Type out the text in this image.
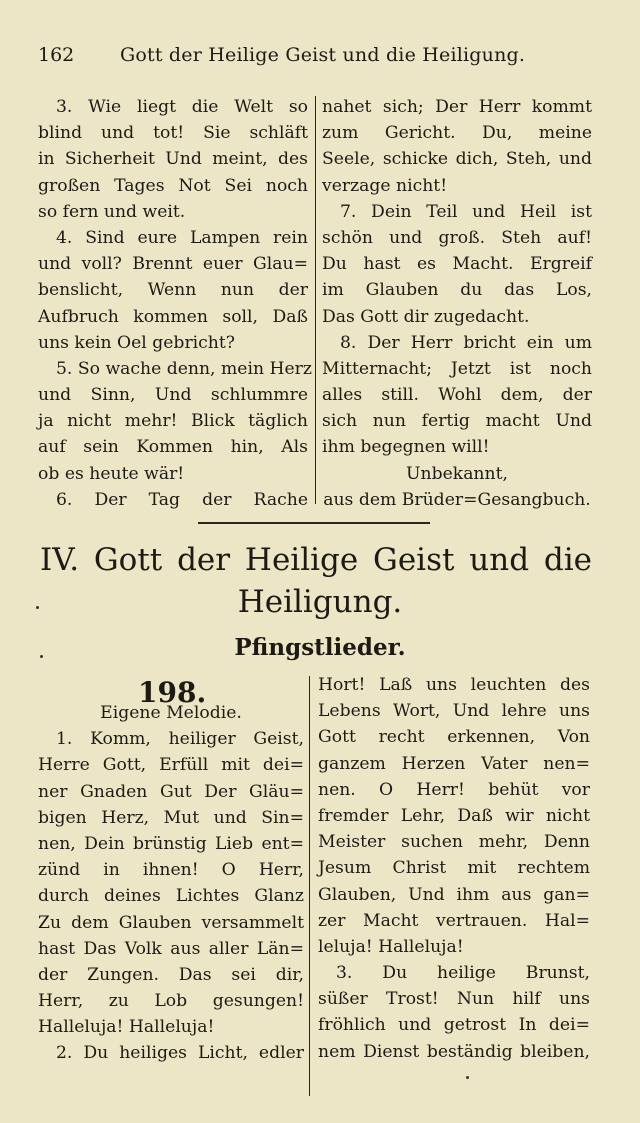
162 Gott der Heilige Geist und die Heiligung.
3. Wie liegt die Welt so
blind und tot! Sie schläft
in Sicherheit Und meint, des
großen Tages Not Sei noch
so fern und weit.
4. Sind eure Lampen rein
und voll? Brennt euer Glau=
benslicht, Wenn nun der
Aufbruch kommen soll, Daß
uns kein Oel gebricht?
5. So wache denn, mein Herz
und Sinn, Und schlummre
ja nicht mehr! Blick täglich
auf sein Kommen hin, Als
ob es heute wär!
6. Der Tag der Rache
nahet sich; Der Herr kommt
zum Gericht. Du, meine
Seele, schicke dich, Steh, und
verzage nicht!
7. Dein Teil und Heil ist
schön und groß. Steh auf!
Du hast es Macht. Ergreif
im Glauben du das Los,
Das Gott dir zugedacht.
8. Der Herr bricht ein um
Mitternacht; Jetzt ist noch
alles still. Wohl dem, der
sich nun fertig macht Und
ihm begegnen will!
Unbekannt,
aus dem Brüder=Gesangbuch.
IV. Gott der Heilige Geist und die
Heiligung.
Pfingstlieder.
198.
Eigene Melodie.
1. Komm, heiliger Geist,
Herre Gott, Erfüll mit dei=
ner Gnaden Gut Der Gläu=
bigen Herz, Mut und Sin=
nen, Dein brünstig Lieb ent=
zünd in ihnen! O Herr,
durch deines Lichtes Glanz
Zu dem Glauben versammelt
hast Das Volk aus aller Län=
der Zungen. Das sei dir,
Herr, zu Lob gesungen!
Halleluja! Halleluja!
2. Du heiliges Licht, edler
Hort! Laß uns leuchten des
Lebens Wort, Und lehre uns
Gott recht erkennen, Von
ganzem Herzen Vater nen=
nen. O Herr! behüt vor
fremder Lehr, Daß wir nicht
Meister suchen mehr, Denn
Jesum Christ mit rechtem
Glauben, Und ihm aus gan=
zer Macht vertrauen. Hal=
leluja! Halleluja!
3. Du heilige Brunst,
süßer Trost! Nun hilf uns
fröhlich und getrost In dei=
nem Dienst beständig bleiben,
